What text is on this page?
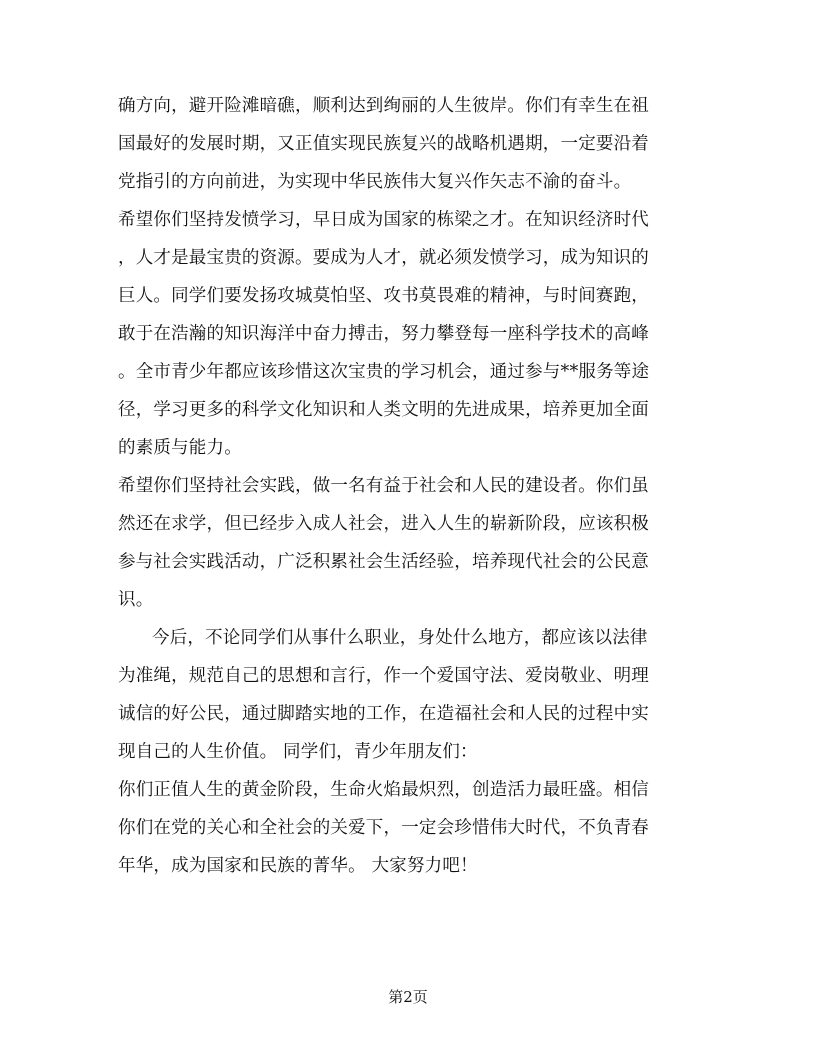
确方向，避开险滩暗礁，顺利达到绚丽的人生彼岸。你们有幸生在祖
国最好的发展时期，又正值实现民族复兴的战略机遇期，一定要沿着
党指引的方向前进，为实现中华民族伟大复兴作矢志不渝的奋斗。
希望你们坚持发愤学习，早日成为国家的栋梁之才。在知识经济时代
，人才是最宝贵的资源。要成为人才，就必须发愤学习，成为知识的
巨人。同学们要发扬攻城莫怕坚、攻书莫畏难的精神，与时间赛跑，
敢于在浩瀚的知识海洋中奋力搏击，努力攀登每一座科学技术的高峰
。全市青少年都应该珍惜这次宝贵的学习机会，通过参与**服务等途
径，学习更多的科学文化知识和人类文明的先进成果，培养更加全面
的素质与能力。
希望你们坚持社会实践，做一名有益于社会和人民的建设者。你们虽
然还在求学，但已经步入成人社会，进入人生的崭新阶段，应该积极
参与社会实践活动，广泛积累社会生活经验，培养现代社会的公民意
识。
今后，不论同学们从事什么职业，身处什么地方，都应该以法律
为准绳，规范自己的思想和言行，作一个爱国守法、爱岗敬业、明理
诚信的好公民，通过脚踏实地的工作，在造福社会和人民的过程中实
现自己的人生价值。 同学们，青少年朋友们：
你们正值人生的黄金阶段，生命火焰最炽烈，创造活力最旺盛。相信
你们在党的关心和全社会的关爱下，一定会珍惜伟大时代，不负青春
年华，成为国家和民族的菁华。 大家努力吧！
第2页
